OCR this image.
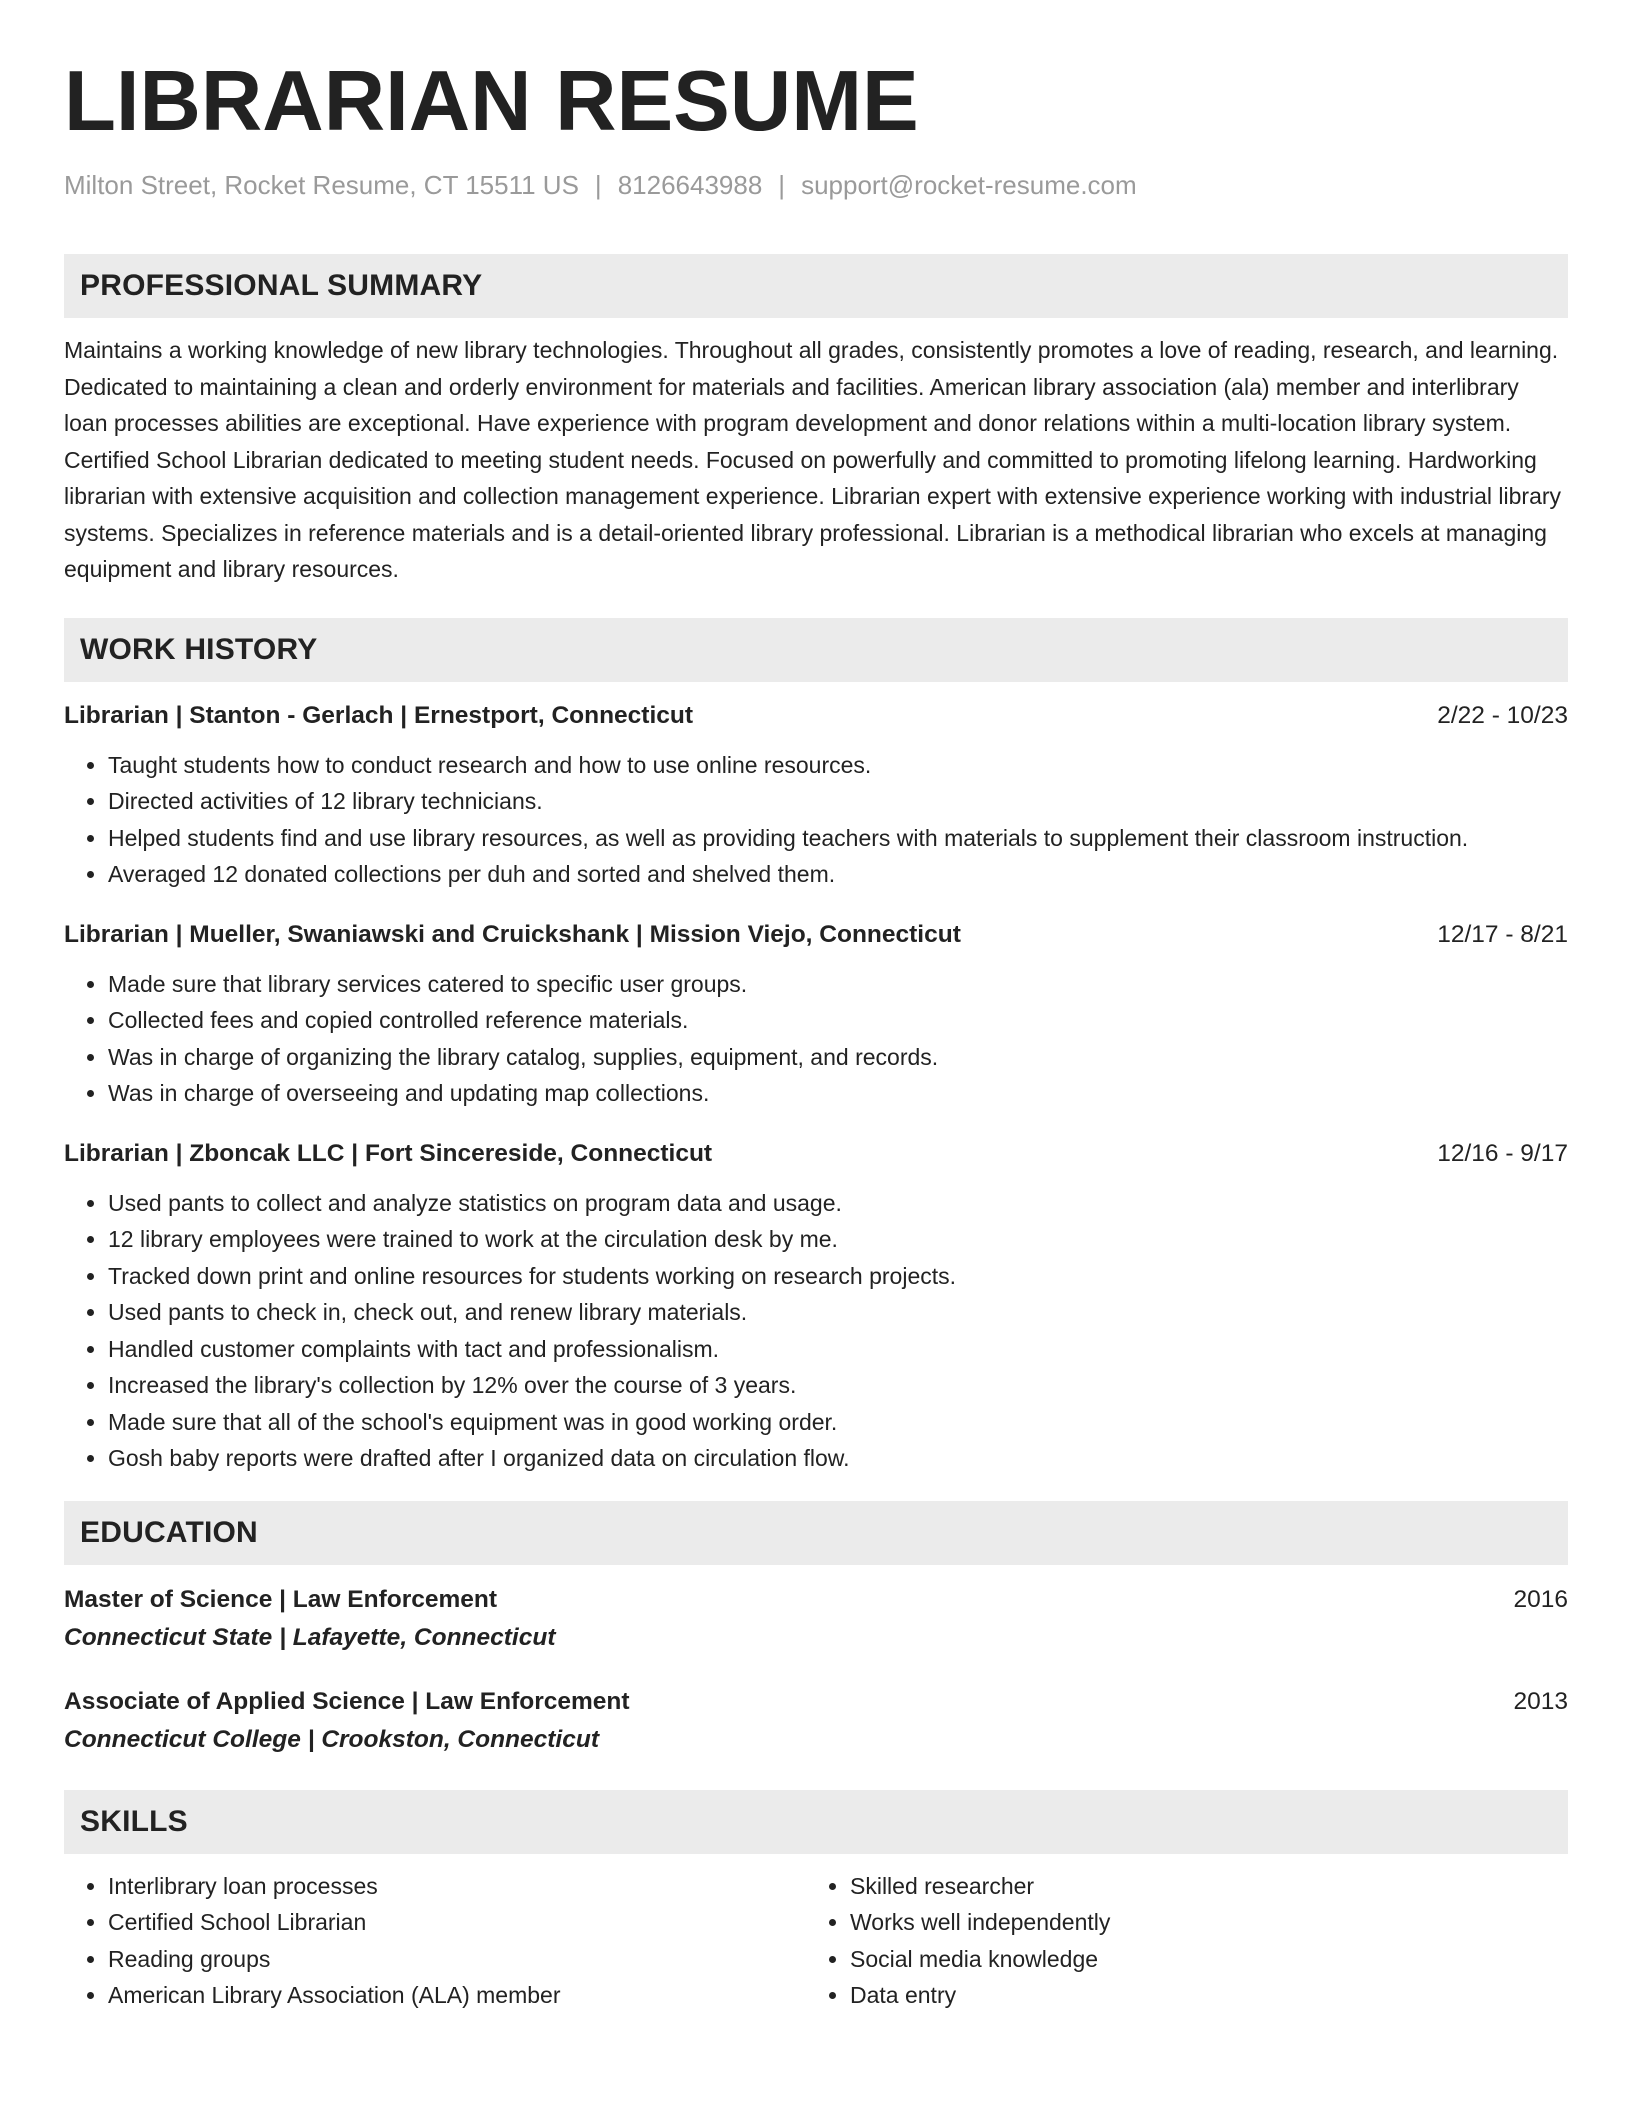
LIBRARIAN RESUME
Milton Street, Rocket Resume, CT 15511 US | 8126643988 | support@rocket-resume.com
PROFESSIONAL SUMMARY

Maintains a working knowledge of new library technologies. Throughout all grades, consistently promotes a love of reading, research, and learning. Dedicated to maintaining a clean and orderly environment for materials and facilities. American library association (ala) member and interlibrary loan processes abilities are exceptional. Have experience with program development and donor relations within a multi-location library system. Certified School Librarian dedicated to meeting student needs. Focused on powerfully and committed to promoting lifelong learning. Hardworking librarian with extensive acquisition and collection management experience. Librarian expert with extensive experience working with industrial library systems. Specializes in reference materials and is a detail-oriented library professional. Librarian is a methodical librarian who excels at managing equipment and library resources.

WORK HISTORY
Librarian | Stanton - Gerlach | Ernestport, Connecticut	2/22 - 10/23
• Taught students how to conduct research and how to use online resources.
• Directed activities of 12 library technicians.
• Helped students find and use library resources, as well as providing teachers with materials to supplement their classroom instruction.
• Averaged 12 donated collections per duh and sorted and shelved them.
Librarian | Mueller, Swaniawski and Cruickshank | Mission Viejo, Connecticut	12/17 - 8/21
• Made sure that library services catered to specific user groups.
• Collected fees and copied controlled reference materials.
• Was in charge of organizing the library catalog, supplies, equipment, and records.
• Was in charge of overseeing and updating map collections.
Librarian | Zboncak LLC | Fort Sincereside, Connecticut	12/16 - 9/17
• Used pants to collect and analyze statistics on program data and usage.
• 12 library employees were trained to work at the circulation desk by me.
• Tracked down print and online resources for students working on research projects.
• Used pants to check in, check out, and renew library materials.
• Handled customer complaints with tact and professionalism.
• Increased the library's collection by 12% over the course of 3 years.
• Made sure that all of the school's equipment was in good working order.
• Gosh baby reports were drafted after I organized data on circulation flow.
EDUCATION
Master of Science | Law Enforcement	2016
Connecticut State | Lafayette, Connecticut
Associate of Applied Science | Law Enforcement	2013
Connecticut College | Crookston, Connecticut
SKILLS
• Interlibrary loan processes
• Certified School Librarian
• Reading groups
• American Library Association (ALA) member
• Skilled researcher
• Works well independently
• Social media knowledge
• Data entry
